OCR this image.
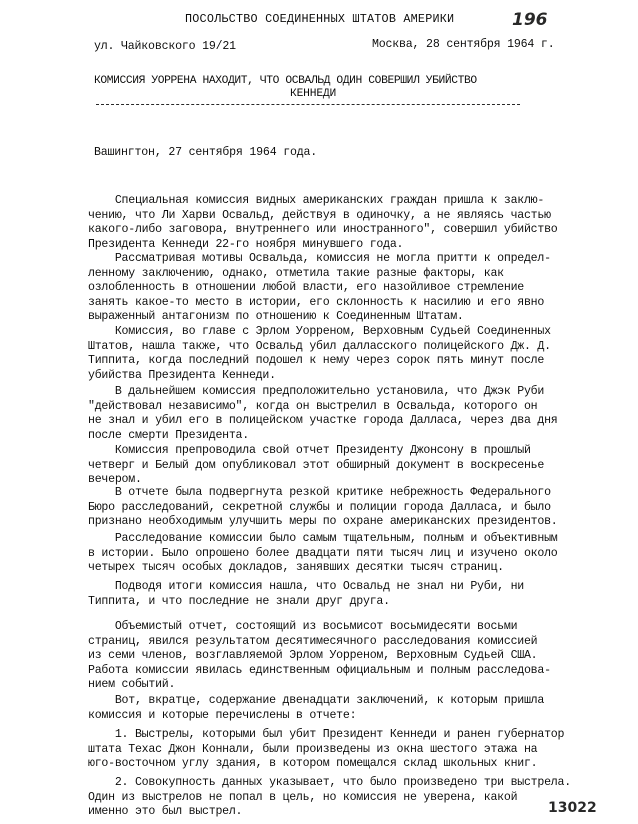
ПОСОЛЬСТВО СОЕДИНЕННЫХ ШТАТОВ АМЕРИКИ	196
ул. Чайковского 19/21	Москва, 28 сентября 1964 г.
КОМИССИЯ УОРРЕНА НАХОДИТ, ЧТО ОСВАЛЬД ОДИН СОВЕРШИЛ УБИЙСТВО
КЕННЕДИ
Вашингтон, 27 сентября 1964 года.
Специальная комиссия видных американских граждан пришла к заклю-
чению, что Ли Харви Освальд, действуя в одиночку, а не являясь частью
какого-либо заговора, внутреннего или иностранного", совершил убийство
Президента Кеннеди 22-го ноября минувшего года.
Рассматривая мотивы Освальда, комиссия не могла притти к определ-
ленному заключению, однако, отметила такие разные факторы, как
озлобленность в отношении любой власти, его назойливое стремление
занять какое-то место в истории, его склонность к насилию и его явно
выраженный антагонизм по отношению к Соединенным Штатам.
Комиссия, во главе с Эрлом Уорреном, Верховным Судьей Соединенных
Штатов, нашла также, что Освальд убил далласского полицейского Дж. Д.
Типпита, когда последний подошел к нему через сорок пять минут после
убийства Президента Кеннеди.
В дальнейшем комиссия предположительно установила, что Джэк Руби
"действовал независимо", когда он выстрелил в Освальда, которого он
не знал и убил его в полицейском участке города Далласа, через два дня
после смерти Президента.
Комиссия препроводила свой отчет Президенту Джонсону в прошлый
четверг и Белый дом опубликовал этот обширный документ в воскресенье
вечером.
В отчете была подвергнута резкой критике небрежность Федерального
Бюро расследований, секретной службы и полиции города Далласа, и было
признано необходимым улучшить меры по охране американских президентов.
Расследование комиссии было самым тщательным, полным и объективным
в истории. Было опрошено более двадцати пяти тысяч лиц и изучено около
четырех тысяч особых докладов, занявших десятки тысяч страниц.
Подводя итоги комиссия нашла, что Освальд не знал ни Руби, ни
Типпита, и что последние не знали друг друга.
Объемистый отчет, состоящий из восьмисот восьмидесяти восьми
страниц, явился результатом десятимесячного расследования комиссией
из семи членов, возглавляемой Эрлом Уорреном, Верховным Судьей США.
Работа комиссии явилась единственным официальным и полным расследова-
нием событий.
Вот, вкратце, содержание двенадцати заключений, к которым пришла
комиссия и которые перечислены в отчете:
1. Выстрелы, которыми был убит Президент Кеннеди и ранен губернатор
штата Техас Джон Коннали, были произведены из окна шестого этажа на
юго-восточном углу здания, в котором помещался склад школьных книг.
2. Совокупность данных указывает, что было произведено три выстрела.
Один из выстрелов не попал в цель, но комиссия не уверена, какой
именно это был выстрел.	13022
